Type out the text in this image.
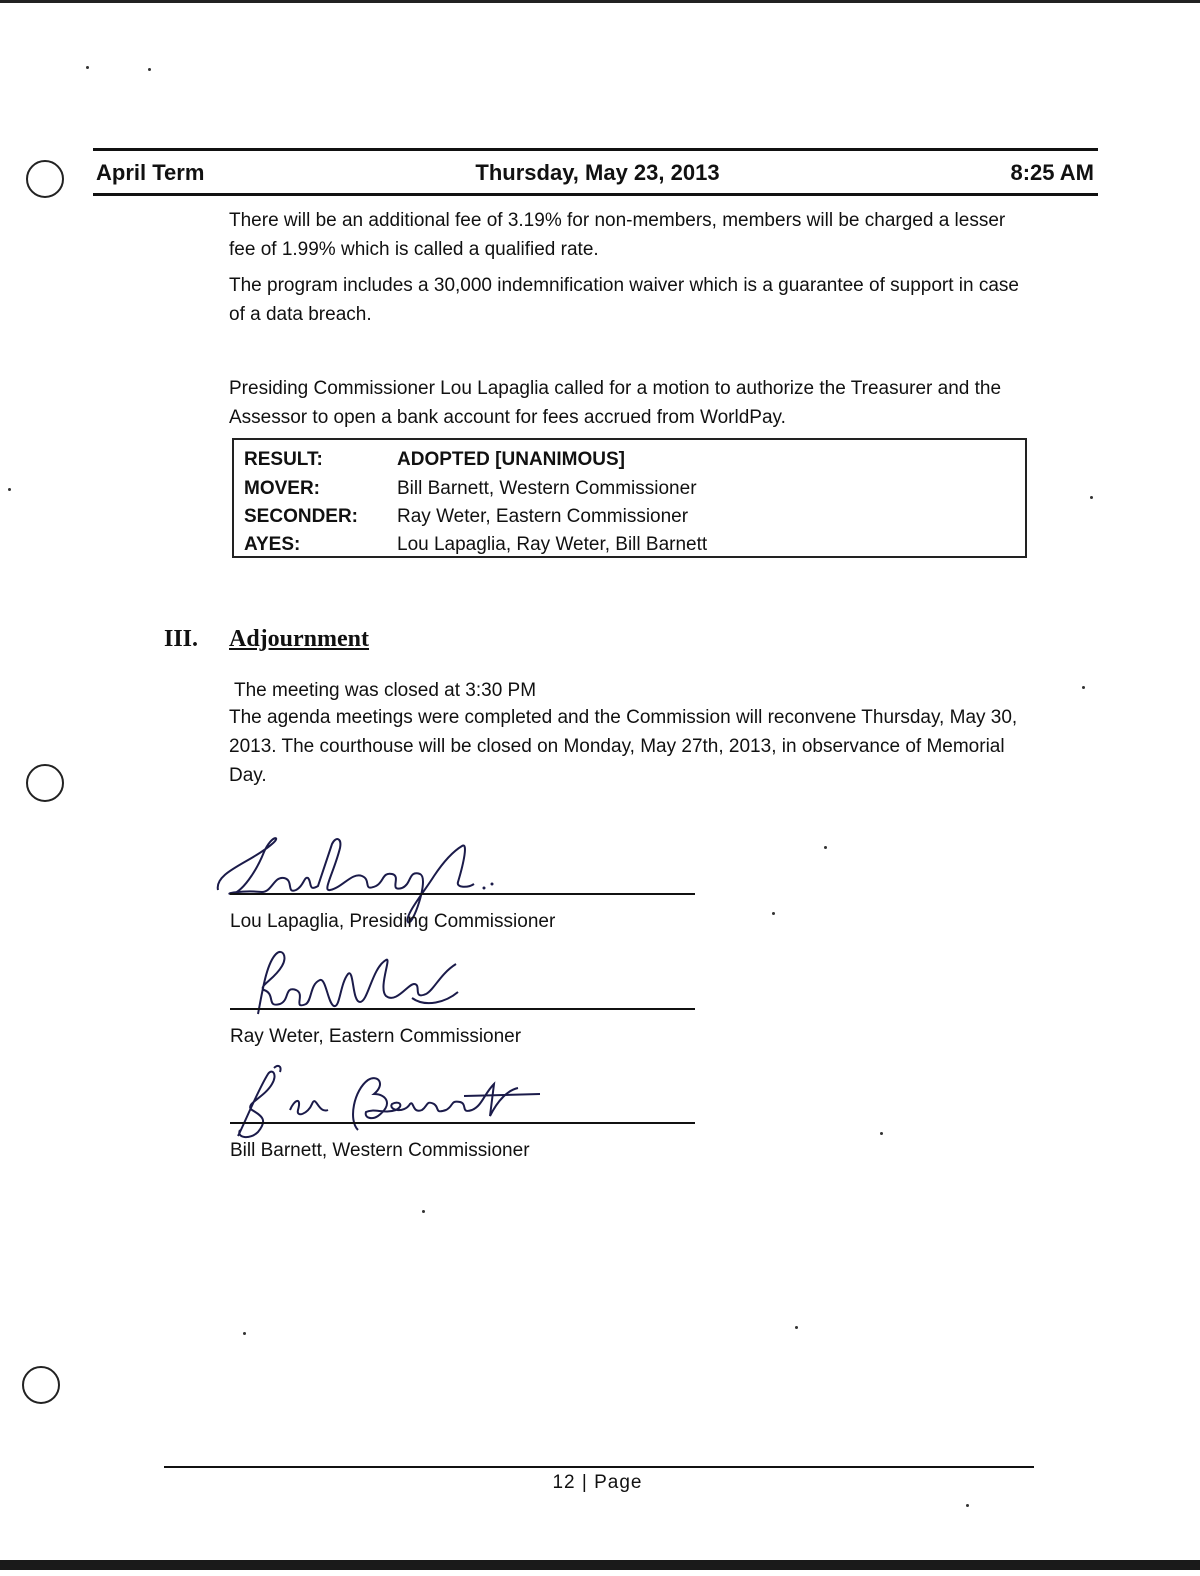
April Term	Thursday, May 23, 2013	8:25 AM

There will be an additional fee of 3.19% for non-members, members will be charged a lesser fee of 1.99% which is called a qualified rate.

The program includes a 30,000 indemnification waiver which is a guarantee of support in case of a data breach.

Presiding Commissioner Lou Lapaglia called for a motion to authorize the Treasurer and the Assessor to open a bank account for fees accrued from WorldPay.

RESULT:	ADOPTED [UNANIMOUS]
MOVER:	Bill Barnett, Western Commissioner
SECONDER: Ray Weter, Eastern Commissioner
AYES:	Lou Lapaglia, Ray Weter, Bill Barnett
III. Adjournment

The meeting was closed at 3:30 PM

The agenda meetings were completed and the Commission will reconvene Thursday, May 30, 2013. The courthouse will be closed on Monday, May 27th, 2013, in observance of Memorial Day.

Lou Lapaglia, Presiding Commissioner
Ray Weter, Eastern Commissioner
Bill Barnett, Western Commissioner
12 | Page
